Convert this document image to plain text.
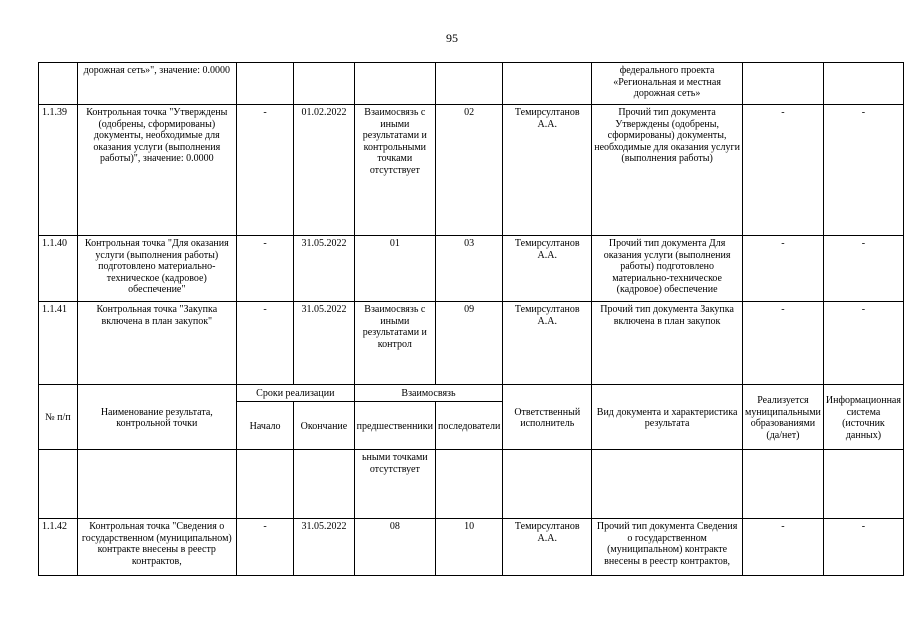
95
	дорожная сеть»", значение: 0.0000						федерального проекта «Региональная и местная дорожная сеть»		
1.1.39	Контрольная точка "Утверждены (одобрены, сформированы) документы, необходимые для оказания услуги (выполнения работы)", значение: 0.0000	-	01.02.2022	Взаимосвязь с иными результатами и контрольными точками отсутствует	02	Темирсултанов А.А.	Прочий тип документа Утверждены (одобрены, сформированы) документы, необходимые для оказания услуги (выполнения работы)	-	-
1.1.40	Контрольная точка "Для оказания услуги (выполнения работы) подготовлено материально-техническое (кадровое) обеспечение"	-	31.05.2022	01	03	Темирсултанов А.А.	Прочий тип документа Для оказания услуги (выполнения работы) подготовлено материально-техническое (кадровое) обеспечение	-	-
1.1.41	Контрольная точка "Закупка включена в план закупок"	-	31.05.2022	Взаимосвязь с иными результатами и контрол	09	Темирсултанов А.А.	Прочий тип документа Закупка включена в план закупок	-	-
№ п/п	Наименование результата, контрольной точки	Сроки реализации		Взаимосвязь		Ответственный исполнитель	Вид документа и характеристика результата	Реализуется муниципальными образованиями (да/нет)	Информационная система (источник данных)
		Начало	Окончание	предшественники	последователи				
				ьными точками отсутствует					
1.1.42	Контрольная точка "Сведения о государственном (муниципальном) контракте внесены в реестр контрактов,	-	31.05.2022	08	10	Темирсултанов А.А.	Прочий тип документа Сведения о государственном (муниципальном) контракте внесены в реестр контрактов,	-	-
